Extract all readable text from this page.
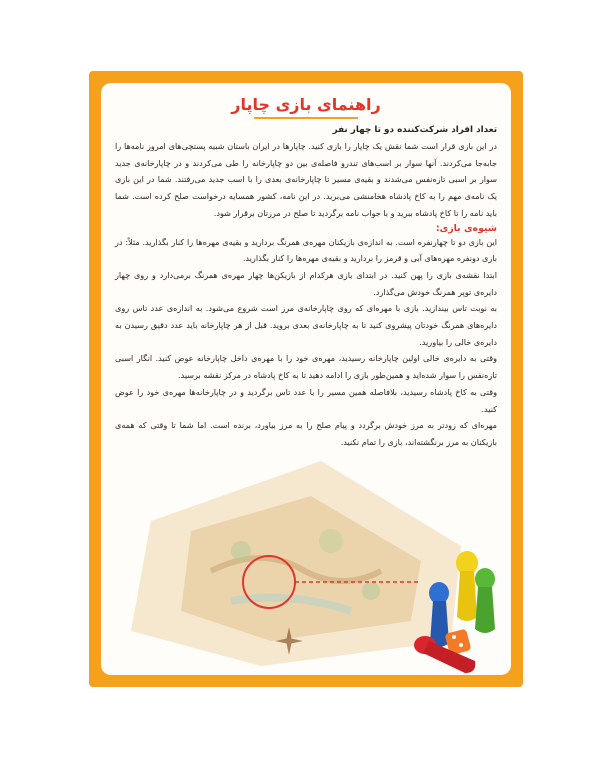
راهنمای بازی چاپار
تعداد افراد شرکت‌کننده دو تا چهار نفر

در این بازی قرار است شما نقش یک چاپار را بازی کنید. چاپارها در ایران باستان شبیه پستچی‌های امروز نامه‌ها را جابه‌جا می‌کردند. آنها سوار بر اسب‌های تندرو فاصله‌ی بین دو چاپارخانه را طی می‌کردند و در چاپارخانه‌ی جدید سوار بر اسبی تازه‌نفس می‌شدند و بقیه‌ی مسیر تا چاپارخانه‌ی بعدی را با اسب جدید می‌رفتند. شما در این بازی یک نامه‌ی مهم را به کاخ پادشاه هخامنشی می‌برید. در این نامه، کشور همسایه درخواست صلح کرده است. شما باید نامه را تا کاخ پادشاه ببرید و با جواب نامه برگردید تا صلح در مرزتان برقرار شود.

شیوه‌ی بازی:

این بازی دو تا چهارنفره است. به اندازه‌ی بازیکنان مهره‌ی همرنگ بردارید و بقیه‌ی مهره‌ها را کنار بگذارید. مثلاً: در بازی دونفره مهره‌های آبی و قرمز را بردارید و بقیه‌ی مهره‌ها را کنار بگذارید.

ابتدا نقشه‌ی بازی را پهن کنید. در ابتدای بازی هرکدام از بازیکن‌ها چهار مهره‌ی همرنگ برمی‌دارد و روی چهار دایره‌ی توپر همرنگ خودش می‌گذارد.

به نوبت تاس بیندازید. بازی با مهره‌ای که روی چاپارخانه‌ی مرز است شروع می‌شود. به اندازه‌ی عدد تاس روی دایره‌های همرنگ خودتان پیشروی کنید تا به چاپارخانه‌ی بعدی بروید. قبل از هر چاپارخانه باید عدد دقیق رسیدن به دایره‌ی خالی را بیاورید.

وقتی به دایره‌ی خالی اولین چاپارخانه رسیدید، مهره‌ی خود را با مهره‌ی داخل چاپارخانه عوض کنید. انگار اسبی تازه‌نفس را سوار شده‌اید و همین‌طور بازی را ادامه دهید تا به کاخ پادشاه در مرکز نقشه برسید.

وقتی به کاخ پادشاه رسیدید، بلافاصله همین مسیر را با عدد تاس برگردید و در چاپارخانه‌ها مهره‌ی خود را عوض کنید.

مهره‌ای که زودتر به مرز خودش برگردد و پیام صلح را به مرز بیاورد، برنده است. اما شما تا وقتی که همه‌ی بازیکنان به مرز برنگشته‌اند، بازی را تمام نکنید.
